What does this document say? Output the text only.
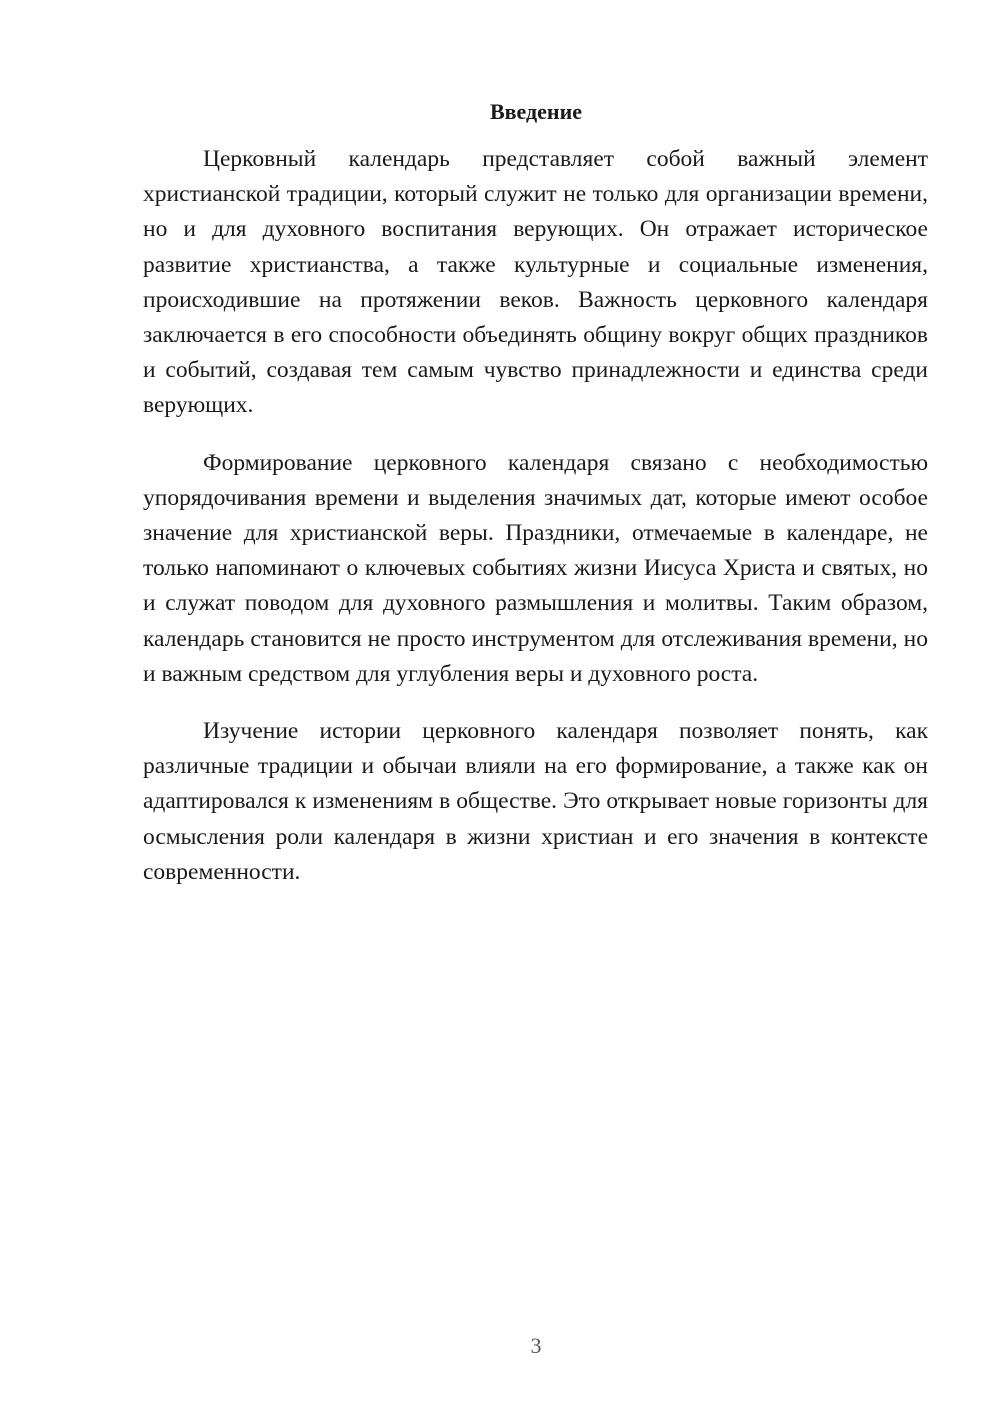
Введение

Церковный календарь представляет собой важный элемент христианской традиции, который служит не только для организации времени, но и для духовного воспитания верующих. Он отражает историческое развитие христианства, а также культурные и социальные изменения, происходившие на протяжении веков. Важность церковного календаря заключается в его способности объединять общину вокруг общих праздников и событий, создавая тем самым чувство принадлежности и единства среди верующих.

Формирование церковного календаря связано с необходимостью упорядочивания времени и выделения значимых дат, которые имеют особое значение для христианской веры. Праздники, отмечаемые в календаре, не только напоминают о ключевых событиях жизни Иисуса Христа и святых, но и служат поводом для духовного размышления и молитвы. Таким образом, календарь становится не просто инструментом для отслеживания времени, но и важным средством для углубления веры и духовного роста.

Изучение истории церковного календаря позволяет понять, как различные традиции и обычаи влияли на его формирование, а также как он адаптировался к изменениям в обществе. Это открывает новые горизонты для осмысления роли календаря в жизни христиан и его значения в контексте современности.

3
